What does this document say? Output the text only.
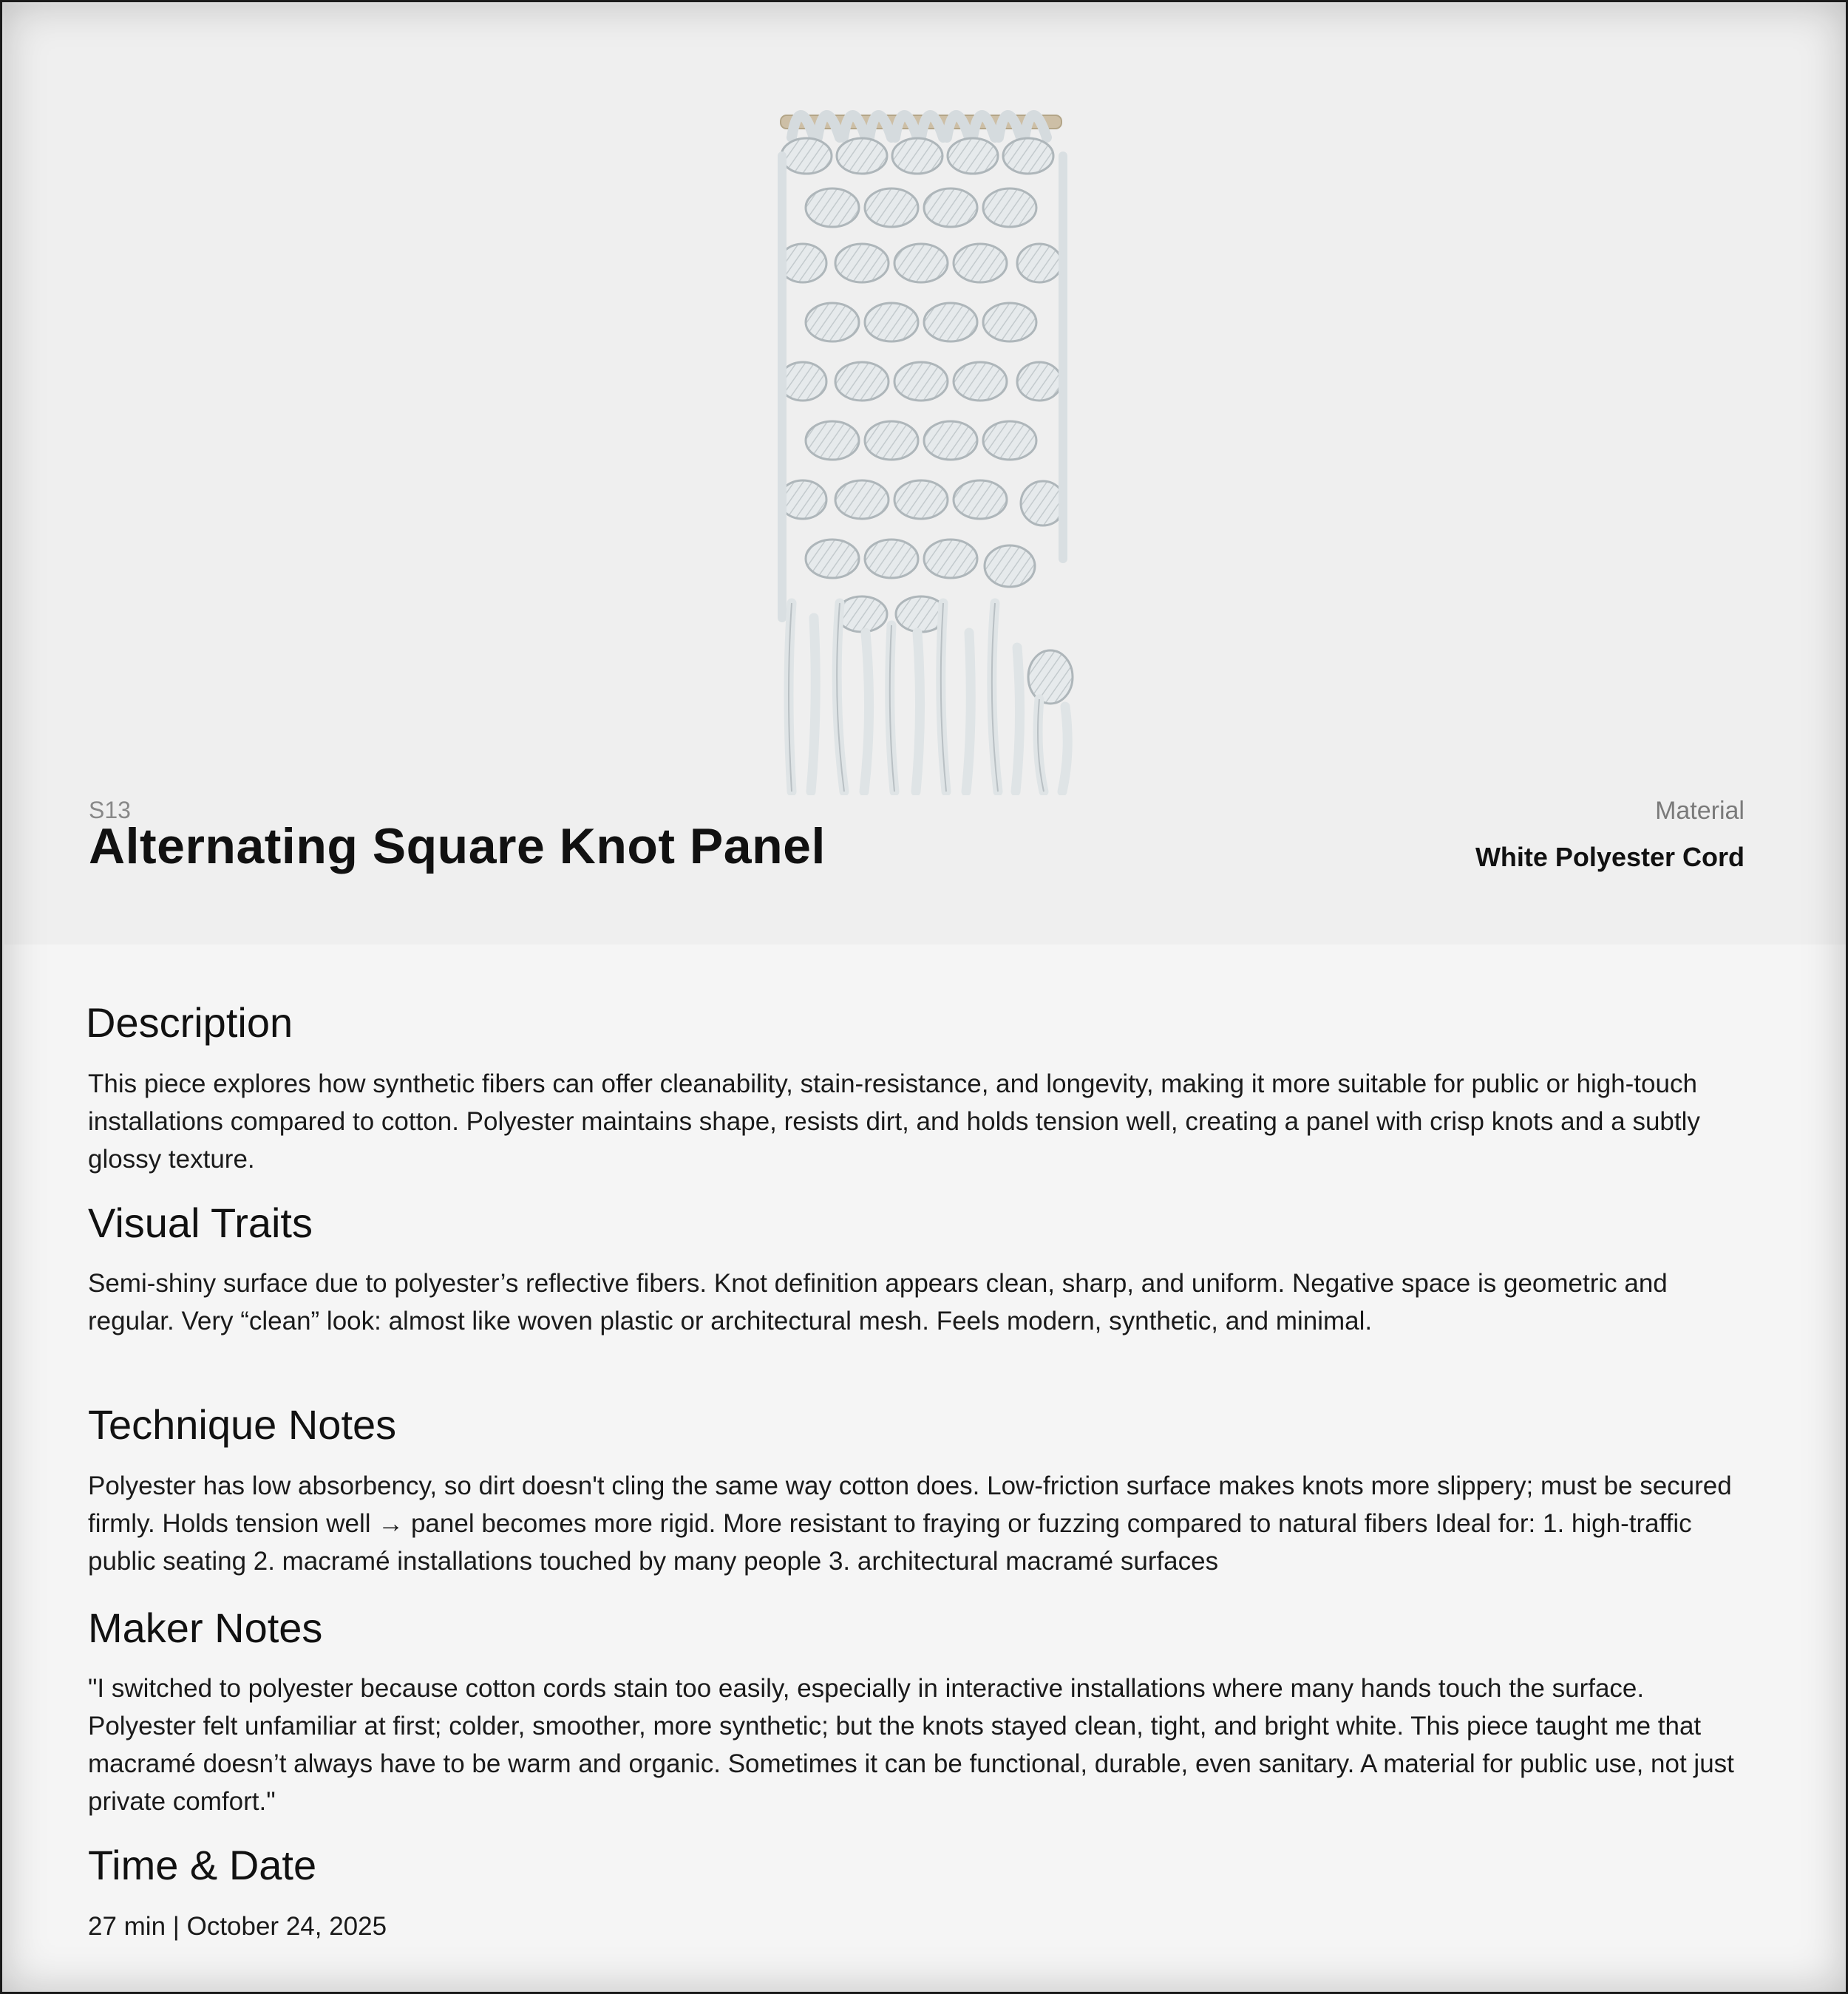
S13
Alternating Square Knot Panel
Material
White Polyester Cord
Description

This piece explores how synthetic fibers can offer cleanability, stain-resistance, and longevity, making it more suitable for public or high-touch installations compared to cotton. Polyester maintains shape, resists dirt, and holds tension well, creating a panel with crisp knots and a subtly glossy texture.

Visual Traits

Semi-shiny surface due to polyester’s reflective fibers. Knot definition appears clean, sharp, and uniform. Negative space is geometric and regular. Very “clean” look: almost like woven plastic or architectural mesh. Feels modern, synthetic, and minimal.

Technique Notes

Polyester has low absorbency, so dirt doesn't cling the same way cotton does. Low-friction surface makes knots more slippery; must be secured firmly. Holds tension well → panel becomes more rigid. More resistant to fraying or fuzzing compared to natural fibers Ideal for: 1. high-traffic public seating 2. macramé installations touched by many people 3. architectural macramé surfaces

Maker Notes

"I switched to polyester because cotton cords stain too easily, especially in interactive installations where many hands touch the surface. Polyester felt unfamiliar at first; colder, smoother, more synthetic; but the knots stayed clean, tight, and bright white. This piece taught me that macramé doesn’t always have to be warm and organic. Sometimes it can be functional, durable, even sanitary. A material for public use, not just private comfort."

Time & Date

27 min | October 24, 2025
